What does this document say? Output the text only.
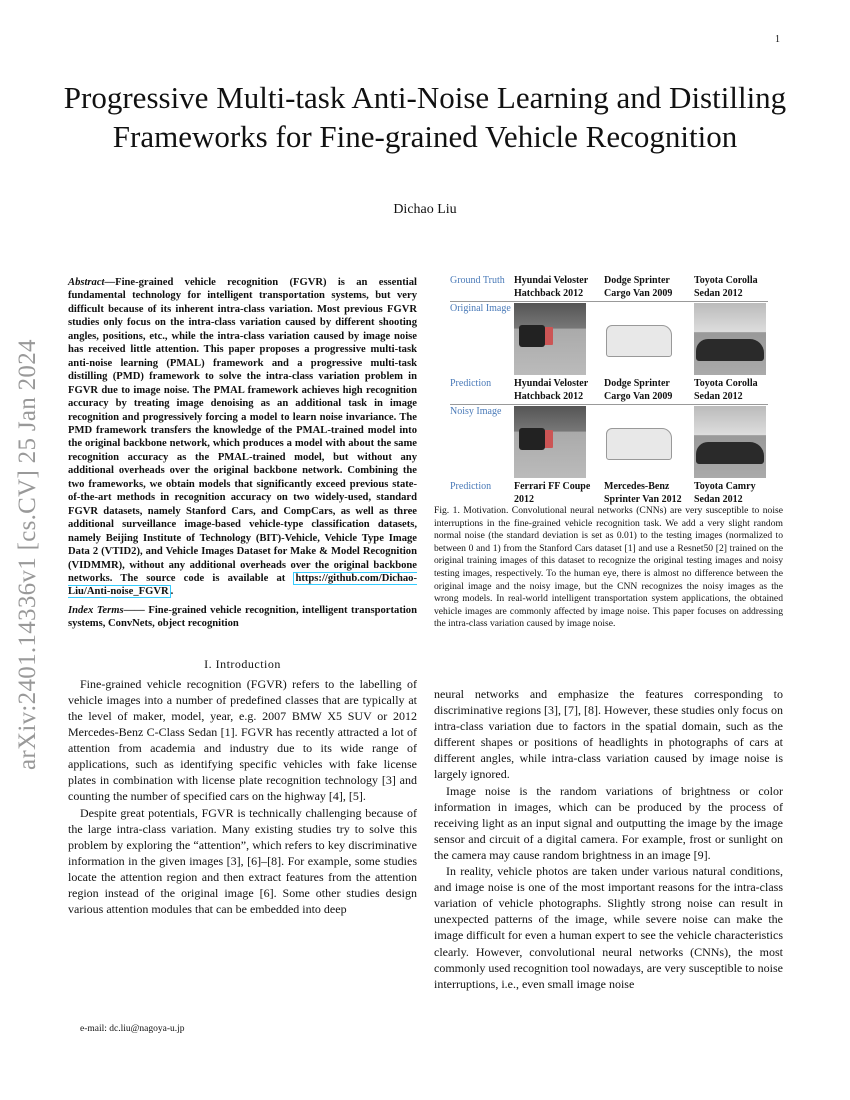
1
arXiv:2401.14336v1 [cs.CV] 25 Jan 2024
Progressive Multi-task Anti-Noise Learning and Distilling Frameworks for Fine-grained Vehicle Recognition
Dichao Liu

Abstract—Fine-grained vehicle recognition (FGVR) is an essential fundamental technology for intelligent transportation systems, but very difficult because of its inherent intra-class variation. Most previous FGVR studies only focus on the intra-class variation caused by different shooting angles, positions, etc., while the intra-class variation caused by image noise has received little attention. This paper proposes a progressive multi-task anti-noise learning (PMAL) framework and a progressive multi-task distilling (PMD) framework to solve the intra-class variation problem in FGVR due to image noise. The PMAL framework achieves high recognition accuracy by treating image denoising as an additional task in image recognition and progressively forcing a model to learn noise invariance. The PMD framework transfers the knowledge of the PMAL-trained model into the original backbone network, which produces a model with about the same recognition accuracy as the PMAL-trained model, but without any additional overheads over the original backbone network. Combining the two frameworks, we obtain models that significantly exceed previous state-of-the-art methods in recognition accuracy on two widely-used, standard FGVR datasets, namely Stanford Cars, and CompCars, as well as three additional surveillance image-based vehicle-type classification datasets, namely Beijing Institute of Technology (BIT)-Vehicle, Vehicle Type Image Data 2 (VTID2), and Vehicle Images Dataset for Make & Model Recognition (VIDMMR), without any additional overheads over the original backbone networks. The source code is available at https://github.com/Dichao-Liu/Anti-noise_FGVR .

Index Terms—— Fine-grained vehicle recognition, intelligent transportation systems, ConvNets, object recognition

I. Introduction

Fine-grained vehicle recognition (FGVR) refers to the labelling of vehicle images into a number of predefined classes that are typically at the level of maker, model, year, e.g. 2007 BMW X5 SUV or 2012 Mercedes-Benz C-Class Sedan [1]. FGVR has recently attracted a lot of attention from academia and industry due to its wide range of applications, such as identifying specific vehicles with fake license plates in combination with license plate recognition technology [3] and counting the number of specified cars on the highway [4], [5].

Despite great potentials, FGVR is technically challenging because of the large intra-class variation. Many existing studies try to solve this problem by exploring the “attention”, which refers to key discriminative information in the given images [3], [6]–[8]. For example, some studies locate the attention region and then extract features from the attention region instead of the original image [6]. Some other studies design various attention modules that can be embedded into deep

e-mail: dc.liu@nagoya-u.jp
Ground Truth Hyundai Veloster Hatchback 2012
Dodge Sprinter Cargo Van 2009
Toyota Corolla Sedan 2012
Original Image
Prediction	Hyundai Veloster Hatchback 2012
Dodge Sprinter Cargo Van 2009
Toyota Corolla Sedan 2012
Noisy Image
Prediction	Ferrari FF Coupe 2012
Mercedes-Benz Sprinter Van 2012
Toyota Camry Sedan 2012

Fig. 1. Motivation. Convolutional neural networks (CNNs) are very susceptible to noise interruptions in the fine-grained vehicle recognition task. We add a very slight random normal noise (the standard deviation is set as 0.01) to the testing images (normalized to between 0 and 1) from the Stanford Cars dataset [1] and use a Resnet50 [2] trained on the original training images of this dataset to recognize the original testing images and noisy testing images, respectively. To the human eye, there is almost no difference between the original image and the noisy image, but the CNN recognizes the noisy images as the wrong models. In real-world intelligent transportation system applications, the obtained vehicle images are commonly affected by image noise. This paper focuses on addressing the intra-class variation caused by image noise.

neural networks and emphasize the features corresponding to discriminative regions [3], [7], [8]. However, these studies only focus on intra-class variation due to factors in the spatial domain, such as the different shapes or positions of headlights in photographs of cars at different angles, while intra-class variation caused by image noise is largely ignored.

Image noise is the random variations of brightness or color information in images, which can be produced by the process of receiving light as an input signal and outputting the image by the image sensor and circuit of a digital camera. For example, frost or sunlight on the camera may cause random brightness in an image [9].

In reality, vehicle photos are taken under various natural conditions, and image noise is one of the most important reasons for the intra-class variation of vehicle photographs. Slightly strong noise can result in unexpected patterns of the image, while severe noise can make the image difficult for even a human expert to see the vehicle characteristics clearly. However, convolutional neural networks (CNNs), the most commonly used recognition tool nowadays, are very susceptible to noise interruptions, i.e., even small image noise
